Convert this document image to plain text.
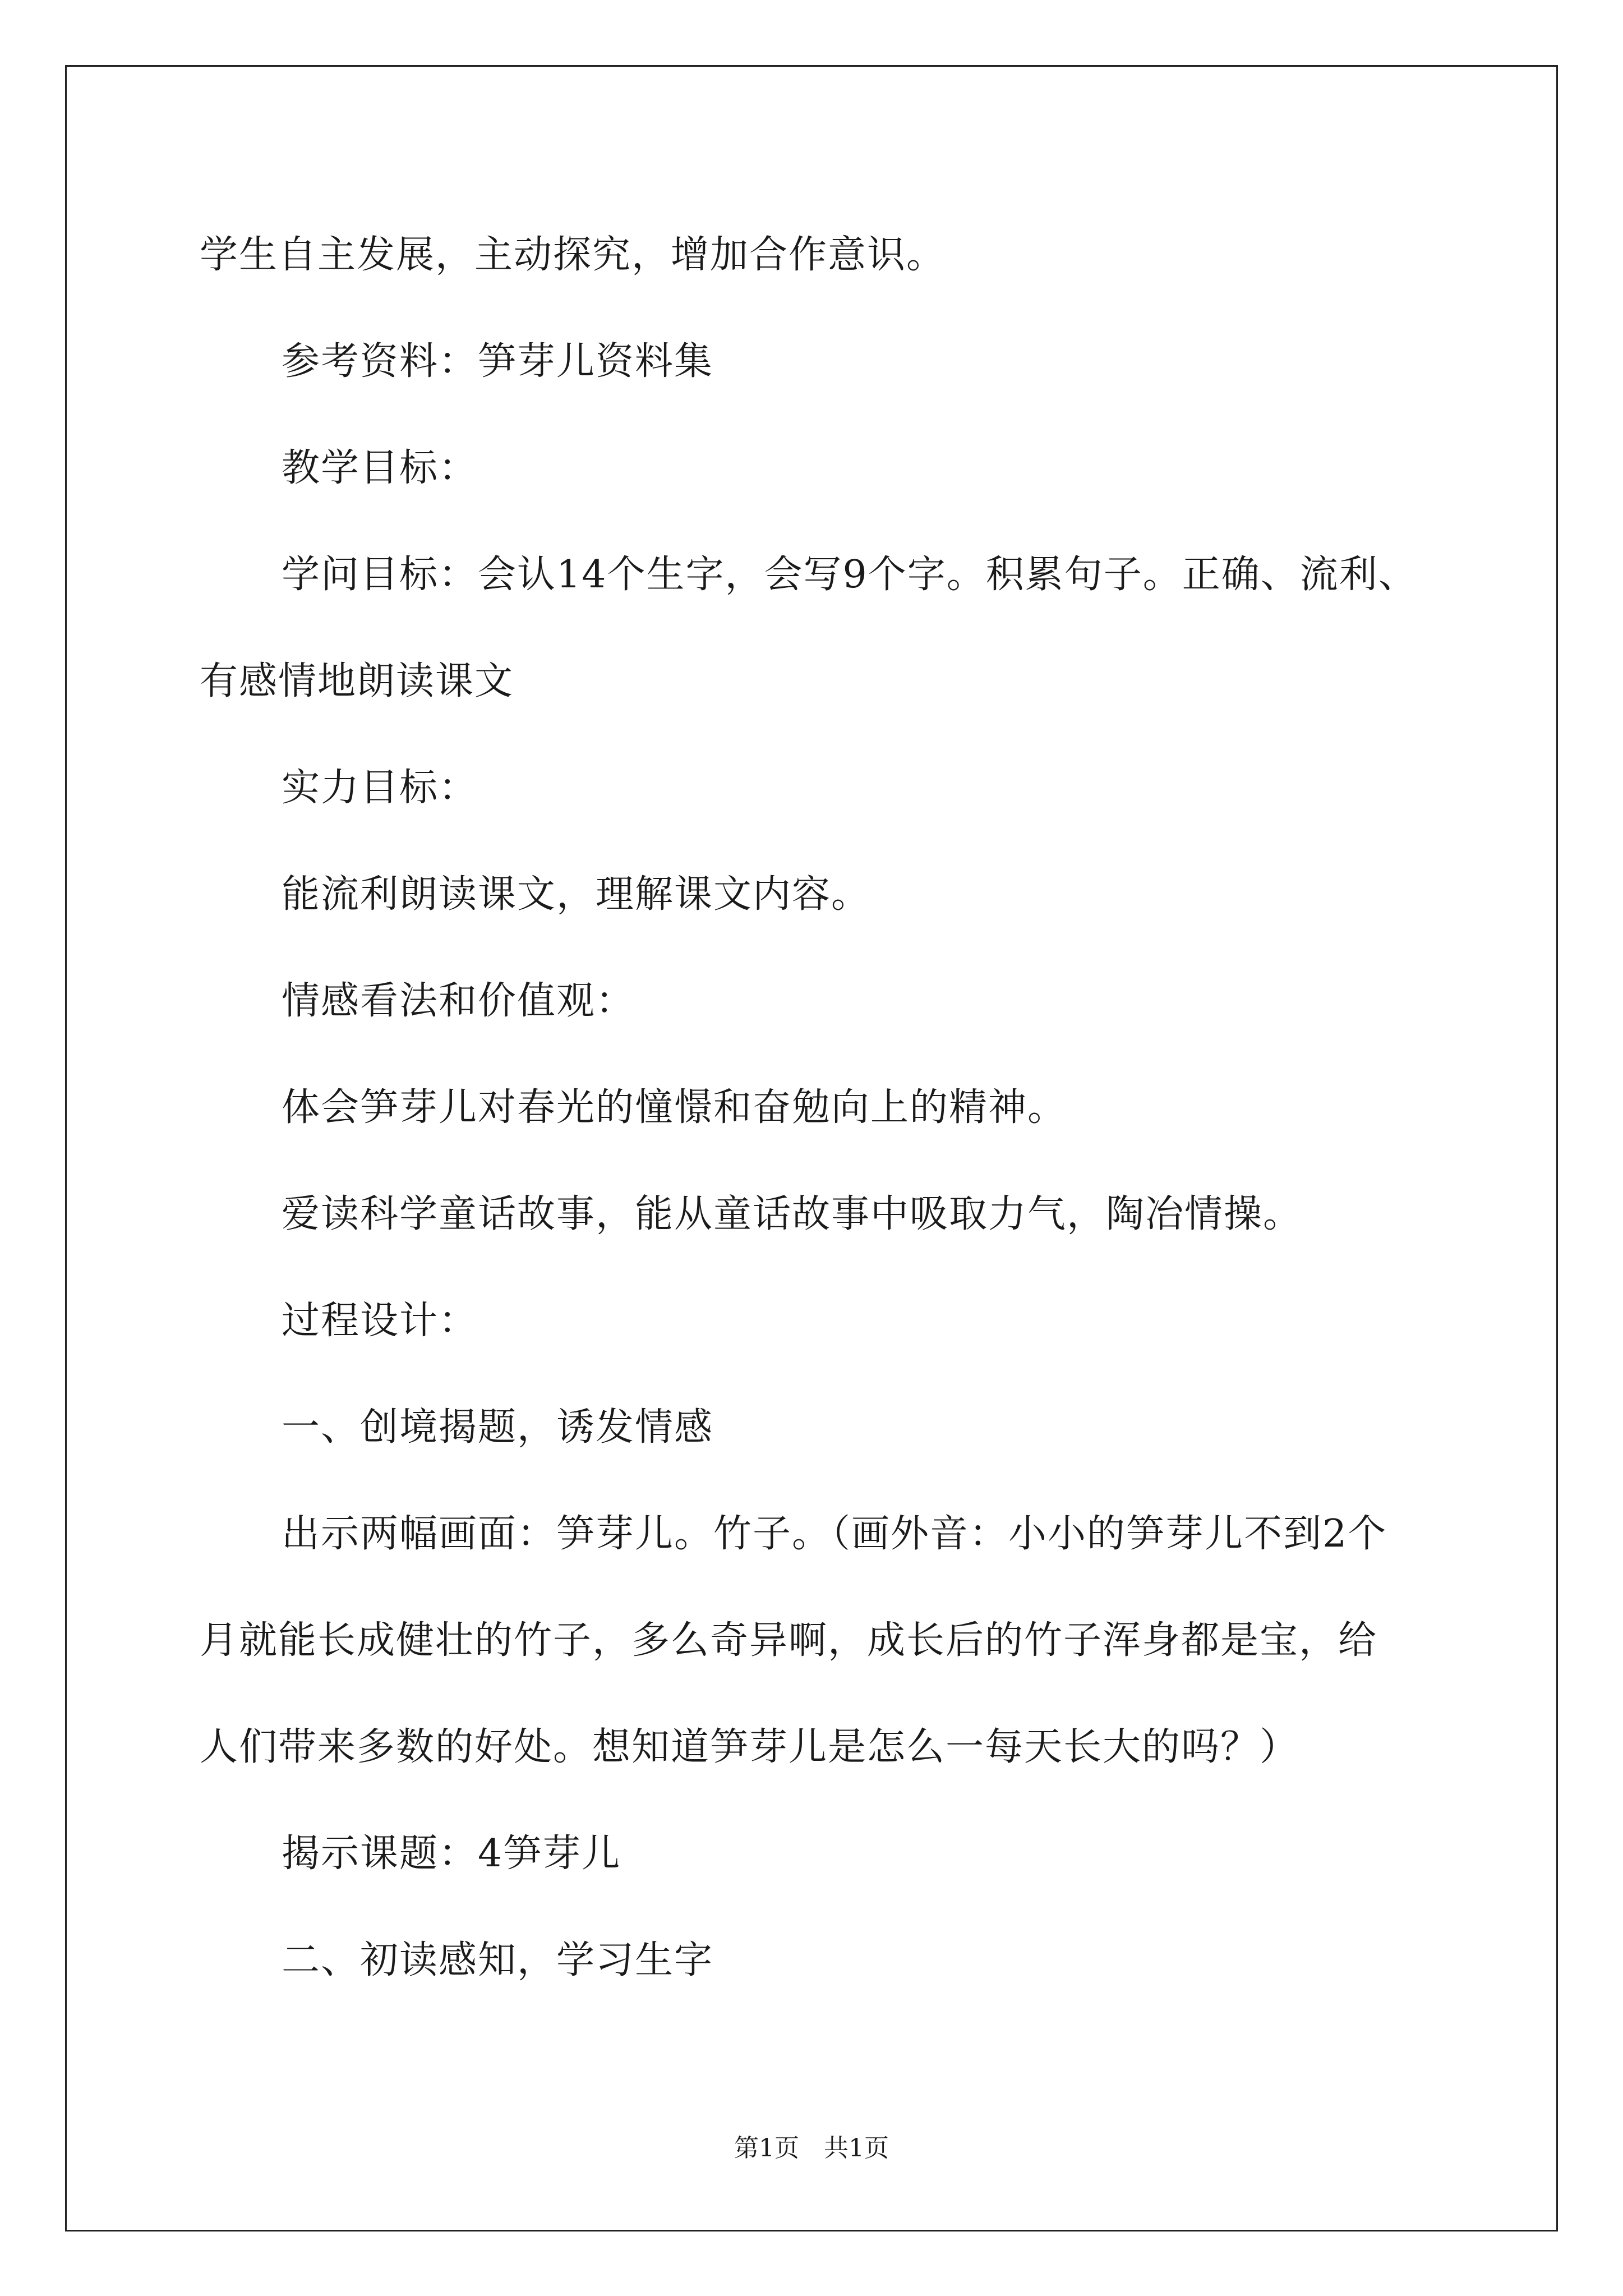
学生自主发展，主动探究，增加合作意识。

参考资料：笋芽儿资料集

教学目标：

学问目标：会认14个生字，会写9个字。积累句子。正确、流利、

有感情地朗读课文

实力目标：

能流利朗读课文，理解课文内容。

情感看法和价值观：

体会笋芽儿对春光的憧憬和奋勉向上的精神。

爱读科学童话故事，能从童话故事中吸取力气，陶冶情操。

过程设计：

一、创境揭题，诱发情感

出示两幅画面：笋芽儿。竹子。（画外音：小小的笋芽儿不到2个

月就能长成健壮的竹子，多么奇异啊，成长后的竹子浑身都是宝，给

人们带来多数的好处。想知道笋芽儿是怎么一每天长大的吗？）

揭示课题：4笋芽儿

二、初读感知，学习生字

第1页　共1页
